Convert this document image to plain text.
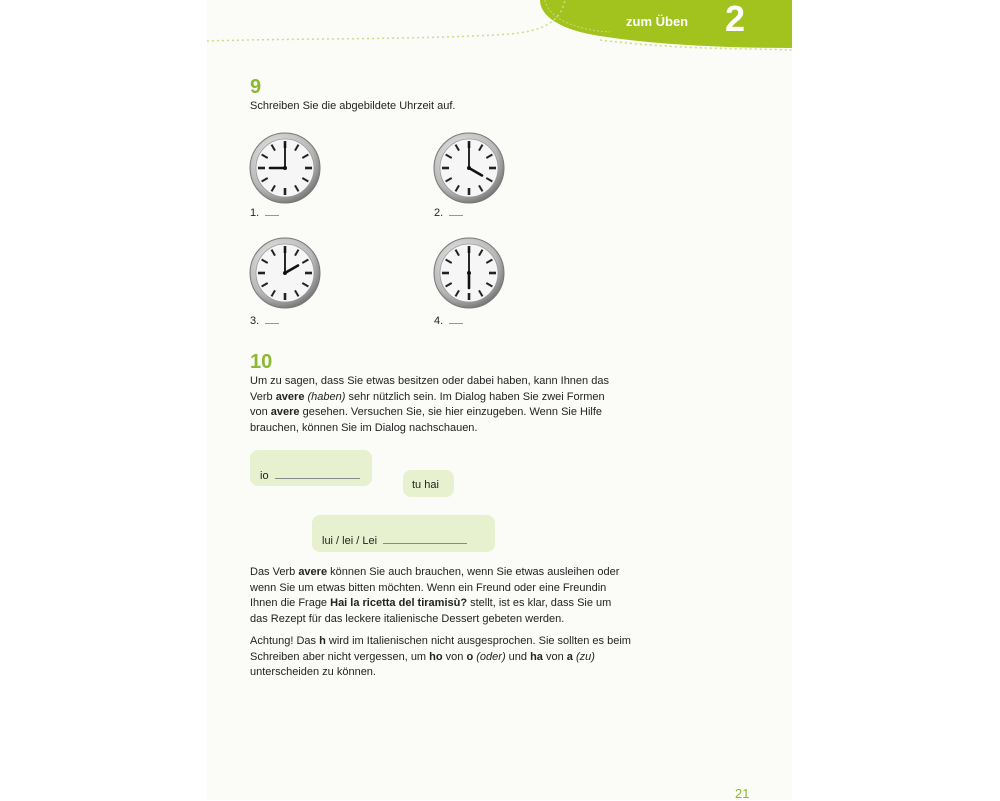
zum Üben 2
9
Schreiben Sie die abgebildete Uhrzeit auf.
1.	2.
3.	4.
10

Um zu sagen, dass Sie etwas besitzen oder dabei haben, kann Ihnen das Verb avere (haben) sehr nützlich sein. Im Dialog haben Sie zwei Formen von avere gesehen. Versuchen Sie, sie hier einzugeben. Wenn Sie Hilfe brauchen, können Sie im Dialog nachschauen.

io
tu hai
lui / lei / Lei

Das Verb avere können Sie auch brauchen, wenn Sie etwas ausleihen oder wenn Sie um etwas bitten möchten. Wenn ein Freund oder eine Freundin Ihnen die Frage Hai la ricetta del tiramisù? stellt, ist es klar, dass Sie um das Rezept für das leckere italienische Dessert gebeten werden.

Achtung! Das h wird im Italienischen nicht ausgesprochen. Sie sollten es beim Schreiben aber nicht vergessen, um ho von o (oder) und ha von a (zu) unterscheiden zu können.

21
